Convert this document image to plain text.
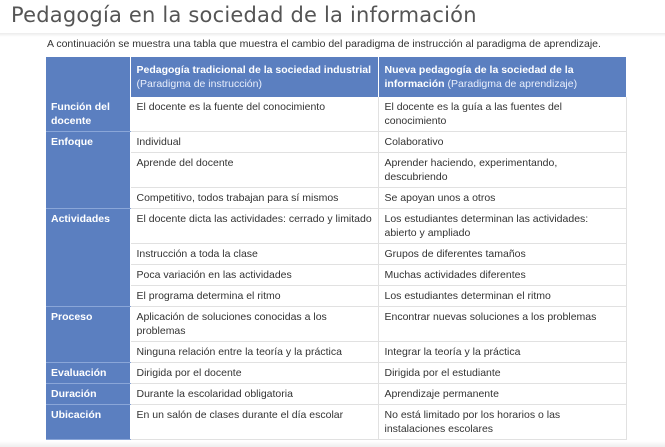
Pedagogía en la sociedad de la información
A continuación se muestra una tabla que muestra el cambio del paradigma de instrucción al paradigma de aprendizaje.
	Pedagogía tradicional de la sociedad industrial (Paradigma de instrucción)	Nueva pedagogía de la sociedad de la información (Paradigma de aprendizaje)
Función del docente	El docente es la fuente del conocimiento	El docente es la guía a las fuentes del conocimiento
Enfoque	Individual	Colaborativo
	Aprende del docente	Aprender haciendo, experimentando, descubriendo
	Competitivo, todos trabajan para sí mismos	Se apoyan unos a otros
Actividades	El docente dicta las actividades: cerrado y limitado	Los estudiantes determinan las actividades: abierto y ampliado
	Instrucción a toda la clase	Grupos de diferentes tamaños
	Poca variación en las actividades	Muchas actividades diferentes
	El programa determina el ritmo	Los estudiantes determinan el ritmo
Proceso	Aplicación de soluciones conocidas a los problemas	Encontrar nuevas soluciones a los problemas
	Ninguna relación entre la teoría y la práctica	Integrar la teoría y la práctica
Evaluación	Dirigida por el docente	Dirigida por el estudiante
Duración	Durante la escolaridad obligatoria	Aprendizaje permanente
Ubicación	En un salón de clases durante el día escolar	No está limitado por los horarios o las instalaciones escolares
